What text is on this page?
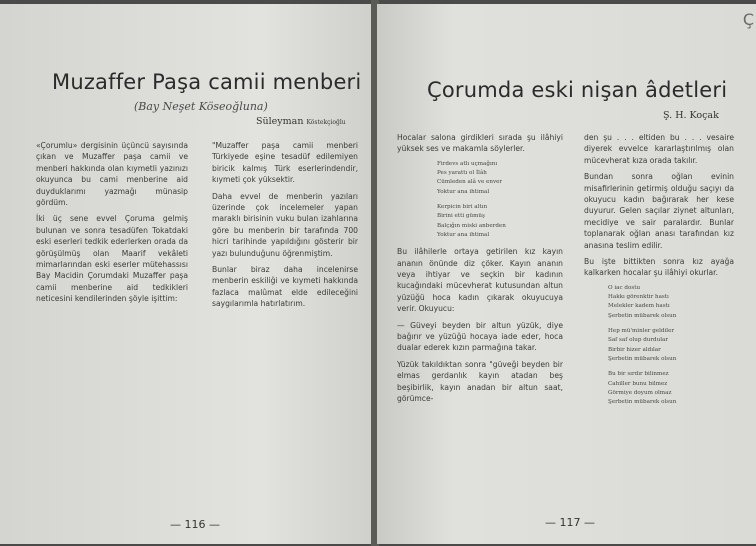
Muzaffer Paşa camii menberi
(Bay Neşet Köseoğluna)
Süleyman Köstekçioğlu

«Çorumlu» dergisinin üçüncü sayısında çıkan ve Muzaffer paşa camii ve menberi hakkında olan kıymetli yazınızı okuyunca bu cami menberine aid duyduklarımı yazmağı münasip gördüm.

İki üç sene evvel Çoruma gelmiş bulunan ve sonra tesadüfen Tokatdaki eski eserleri tedkik ederlerken orada da görüşülmüş olan Maarif vekâleti mimarlarından eski eserler mütehassısı Bay Macidin Çorumdaki Muzaffer paşa camii menberine aid tedkikleri neticesini kendilerinden şöyle işittim:

"Muzaffer paşa camii menberi Türkiyede eşine tesadüf edilemiyen biricik kalmış Türk eserlerindendir, kıymeti çok yüksektir.

Daha evvel de menberin yazıları üzerinde çok incelemeler yapan maraklı birisinin vuku bulan izahlarına göre bu menberin bir tarafında 700 hicri tarihinde yapıldığını gösterir bir yazı bulunduğunu öğrenmiştim.

Bunlar biraz daha incelenirse menberin eskiliği ve kıymeti hakkında fazlaca malûmat elde edileceğini saygılarımla hatırlatırım.

— 116 —
Ç
Çorumda eski nişan âdetleri
Ş. H. Koçak

Hocalar salona girdikleri sırada şu ilâhiyi yüksek ses ve makamla söylerler.

Firdevs atlı uçmağını
Pes yarattı ol İlâh
Cümleden alâ ve enver
Yoktur ana ihtimal
Kerpicin biri altın
Birini etti gümüş
Balçığın miski anberden
Yoktur ana ihtimal

Bu ilâhilerle ortaya getirilen kız kayın ananın önünde diz çöker. Kayın ananın veya ihtiyar ve seçkin bir kadının kucağındaki mücevherat kutusundan altun yüzüğü hoca kadın çıkarak okuyucuya verir. Okuyucu:

— Güveyi beyden bir altun yüzük, diye bağırır ve yüzüğü hocaya iade eder, hoca dualar ederek kızın parmağına takar.

Yüzük takıldıktan sonra "güveği beyden bir elmas gerdanlık kayın atadan beş beşibirlik, kayın anadan bir altun saat, görümce-

den şu . . . eltiden bu . . . vesaire diyerek evvelce kararlaştırılmış olan mücevherat kıza orada takılır.

Bundan sonra oğlan evinin misafirlerinin getirmiş olduğu saçıyı da okuyucu kadın bağırarak her kese duyurur. Gelen saçılar ziynet altunları, mecidiye ve sair paralardır. Bunlar toplanarak oğlan anası tarafından kız anasına teslim edilir.

Bu işte bittikten sonra kız ayağa kalkarken hocalar şu ilâhiyi okurlar.

O iac dostu
Hakkı görenktir hastı
Melekler kadem hastı
Şerbetin mübarek olsun
Hep mü'minler geldiler
Saf saf olup durdular
Birbir hizer aldılar
Şerbetin mübarek olsun
Bu bir sırdır bilinmez
Cahiller bunu bilmez
Görmiye doyum olmaz
Şerbetin mübarek olsun
— 117 —
